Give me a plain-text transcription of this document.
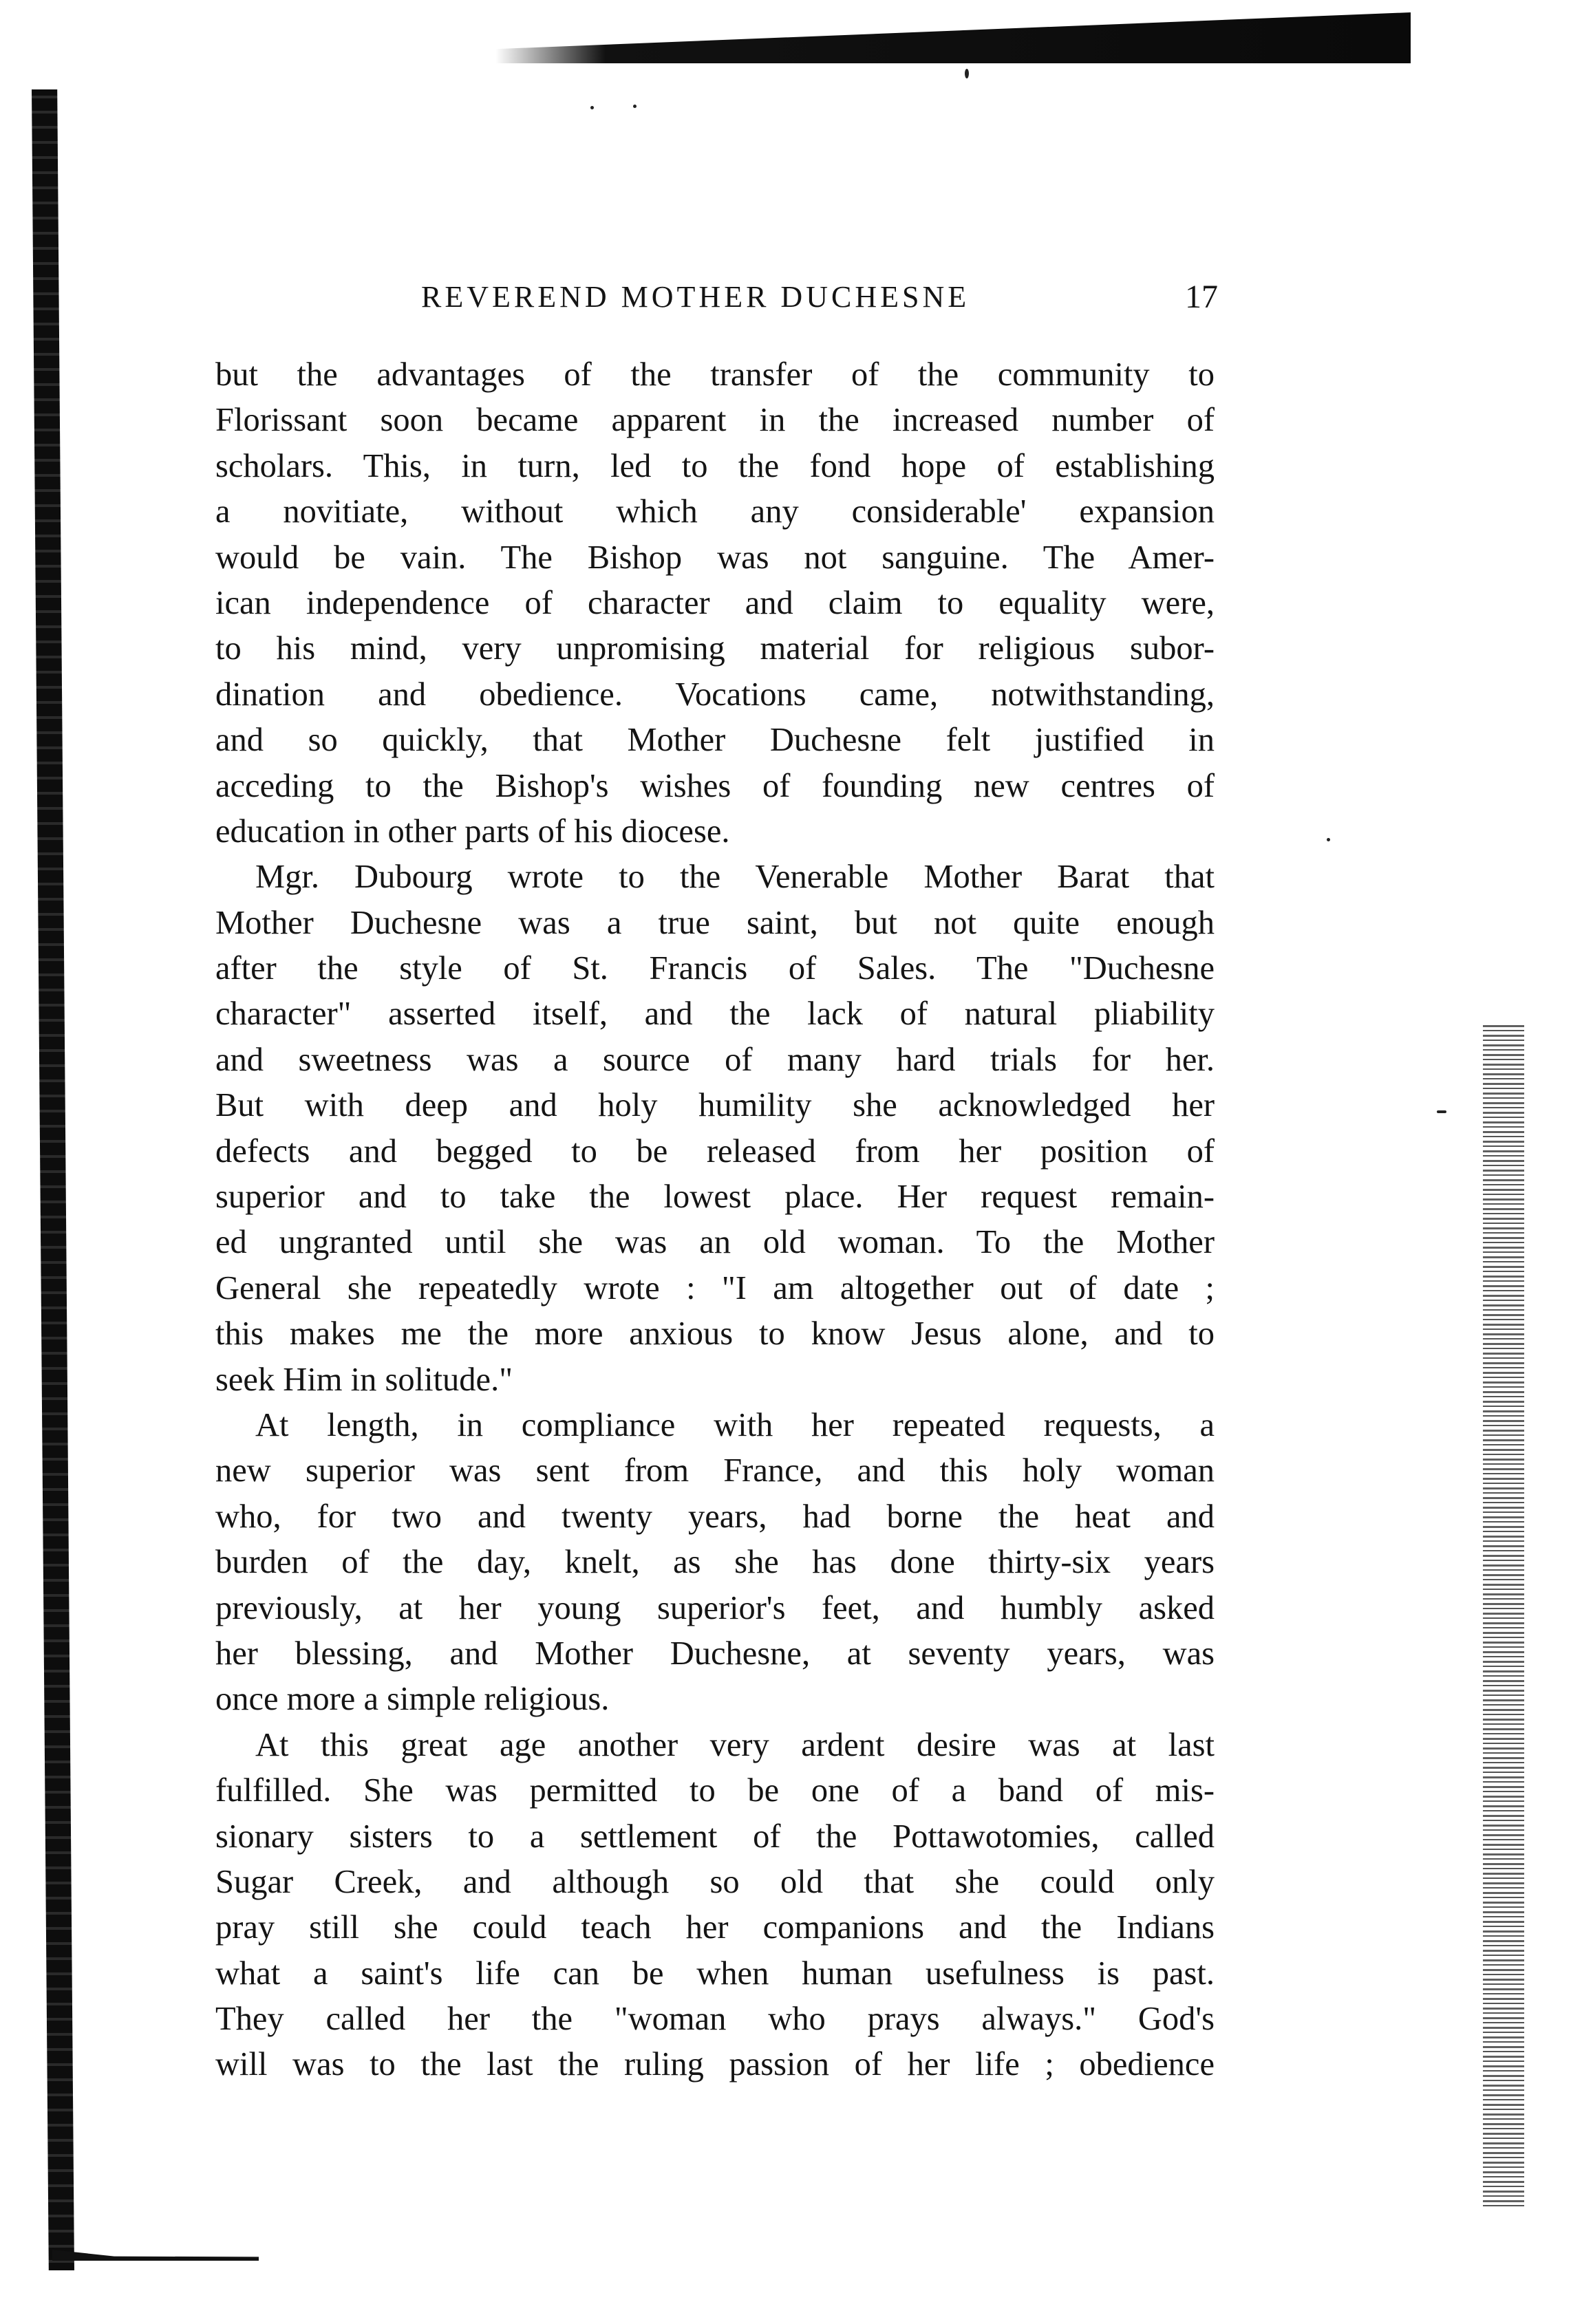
REVEREND MOTHER DUCHESNE	17
but the advantages of the transfer of the community to
Florissant soon became apparent in the increased number of
scholars. This, in turn, led to the fond hope of establishing
a novitiate, without which any considerable' expansion
would be vain. The Bishop was not sanguine. The Amer-
ican independence of character and claim to equality were,
to his mind, very unpromising material for religious subor-
dination and obedience. Vocations came, notwithstanding,
and so quickly, that Mother Duchesne felt justified in
acceding to the Bishop's wishes of founding new centres of
education in other parts of his diocese.
Mgr. Dubourg wrote to the Venerable Mother Barat that
Mother Duchesne was a true saint, but not quite enough
after the style of St. Francis of Sales. The "Duchesne
character" asserted itself, and the lack of natural pliability
and sweetness was a source of many hard trials for her.
But with deep and holy humility she acknowledged her
defects and begged to be released from her position of
superior and to take the lowest place. Her request remain-
ed ungranted until she was an old woman. To the Mother
General she repeatedly wrote : "I am altogether out of date ;
this makes me the more anxious to know Jesus alone, and to
seek Him in solitude."
At length, in compliance with her repeated requests, a
new superior was sent from France, and this holy woman
who, for two and twenty years, had borne the heat and
burden of the day, knelt, as she has done thirty-six years
previously, at her young superior's feet, and humbly asked
her blessing, and Mother Duchesne, at seventy years, was
once more a simple religious.
At this great age another very ardent desire was at last
fulfilled. She was permitted to be one of a band of mis-
sionary sisters to a settlement of the Pottawotomies, called
Sugar Creek, and although so old that she could only
pray still she could teach her companions and the Indians
what a saint's life can be when human usefulness is past.
They called her the "woman who prays always." God's
will was to the last the ruling passion of her life ; obedience
